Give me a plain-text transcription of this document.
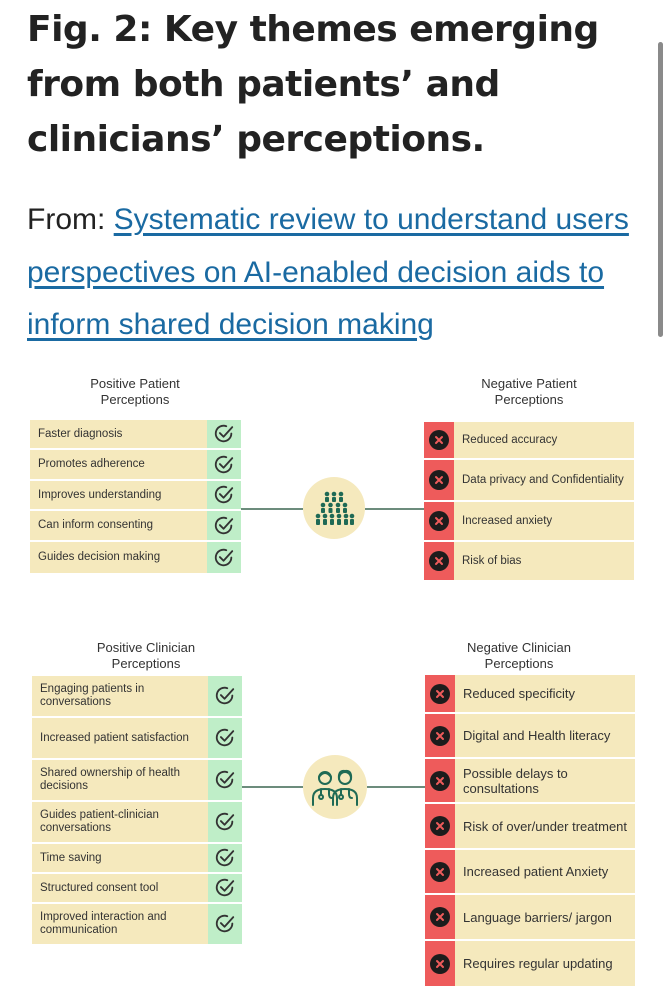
Fig. 2: Key themes emerging from both patients’ and clinicians’ perceptions.
From: Systematic review to understand users perspectives on AI-enabled decision aids to inform shared decision making
Positive Patient Perceptions
Negative Patient Perceptions
Faster diagnosis
Promotes adherence
Improves understanding
Can inform consenting
Guides decision making
Reduced accuracy
Data privacy and Confidentiality
Increased anxiety
Risk of bias
Positive Clinician Perceptions
Negative Clinician Perceptions
Engaging patients in conversations
Increased patient satisfaction
Shared ownership of health decisions
Guides patient-clinician conversations
Time saving
Structured consent tool
Improved interaction and communication
Reduced specificity
Digital and Health literacy
Possible delays to consultations
Risk of over/under treatment
Increased patient Anxiety
Language barriers/ jargon
Requires regular updating
